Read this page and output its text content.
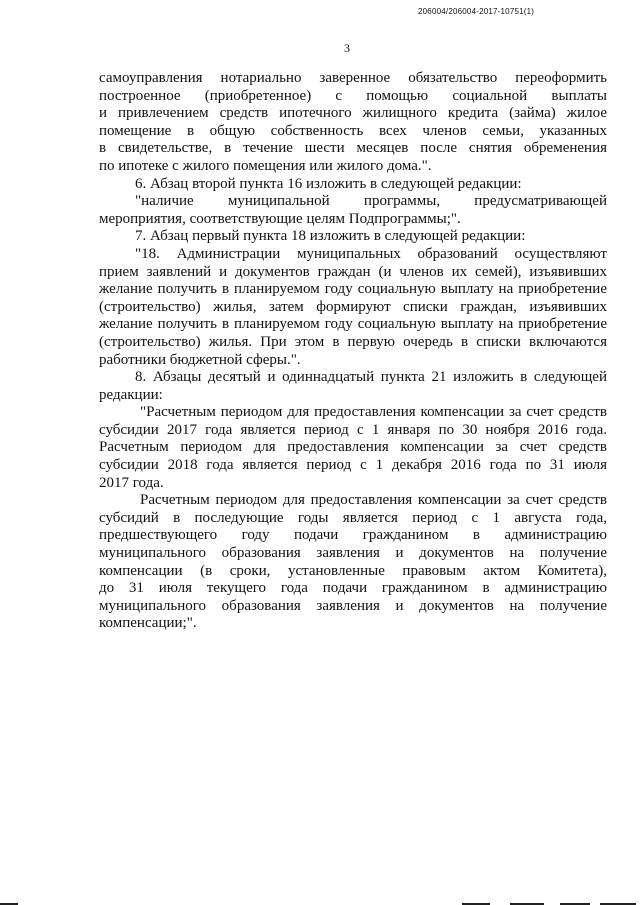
206004/206004-2017-10751(1)
3

самоуправления нотариально заверенное обязательство переоформить

построенное (приобретенное) с помощью социальной выплаты

и привлечением средств ипотечного жилищного кредита (займа) жилое

помещение в общую собственность всех членов семьи, указанных

в свидетельстве, в течение шести месяцев после снятия обременения

по ипотеке с жилого помещения или жилого дома.".

6. Абзац второй пункта 16 изложить в следующей редакции:

"наличие муниципальной программы, предусматривающей

мероприятия, соответствующие целям Подпрограммы;".

7. Абзац первый пункта 18 изложить в следующей редакции:

"18. Администрации муниципальных образований осуществляют

прием заявлений и документов граждан (и членов их семей), изъявивших

желание получить в планируемом году социальную выплату на приобретение

(строительство) жилья, затем формируют списки граждан, изъявивших

желание получить в планируемом году социальную выплату на приобретение

(строительство) жилья. При этом в первую очередь в списки включаются

работники бюджетной сферы.".

8. Абзацы десятый и одиннадцатый пункта 21 изложить в следующей

редакции:

"Расчетным периодом для предоставления компенсации за счет средств

субсидии 2017 года является период с 1 января по 30 ноября 2016 года.

Расчетным периодом для предоставления компенсации за счет средств

субсидии 2018 года является период с 1 декабря 2016 года по 31 июля

2017 года.

Расчетным периодом для предоставления компенсации за счет средств

субсидий в последующие годы является период с 1 августа года,

предшествующего году подачи гражданином в администрацию

муниципального образования заявления и документов на получение

компенсации (в сроки, установленные правовым актом Комитета),

до 31 июля текущего года подачи гражданином в администрацию

муниципального образования заявления и документов на получение

компенсации;".
